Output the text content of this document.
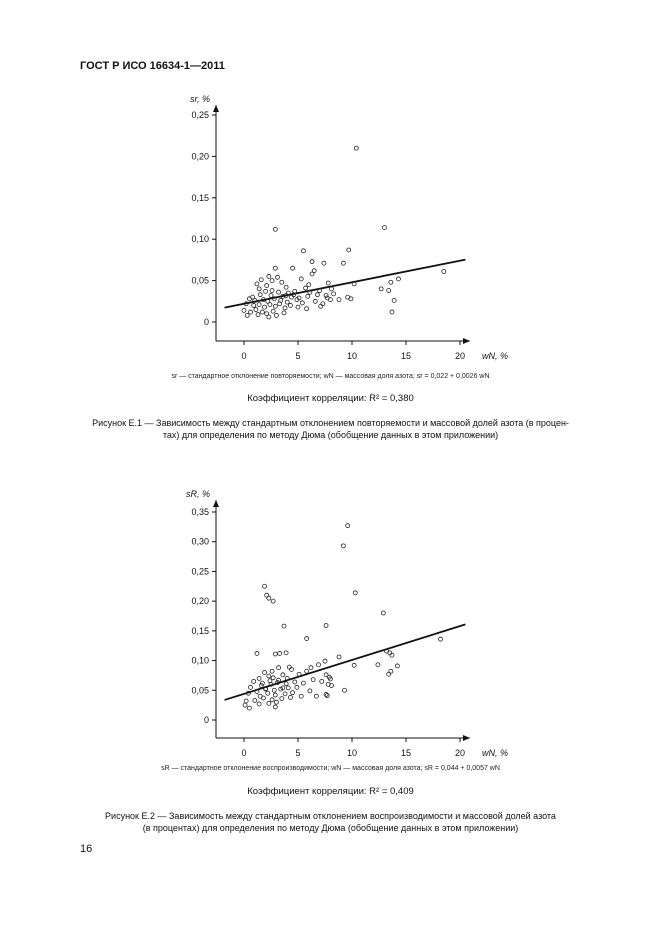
ГОСТ Р ИСО 16634-1—2011
0
0,05
0,10
0,15
0,20
0,25
0	5	10	15	20
sr, %
wN, %
sr — стандартное отклонение повторяемости; wN — массовая доля азота; sr = 0,022 + 0,0026 wN
Коэффициент корреляции: R² = 0,380
Рисунок Е.1 — Зависимость между стандартным отклонением повторяемости и массовой долей азота (в процен-
тах) для определения по методу Дюма (обобщение данных в этом приложении)
sR — стандартное отклонение воспроизводимости; wN — массовая доля азота; sR = 0,044 + 0,0057 wN
Коэффициент корреляции: R² = 0,409
Рисунок Е.2 — Зависимость между стандартным отклонением воспроизводимости и массовой долей азота
(в процентах) для определения по методу Дюма (обобщение данных в этом приложении)
16
0
0,05
0,10
0,15
0,20
0,25
0,30
0,35
0	5	10	15	20
sR, %
wN, %
